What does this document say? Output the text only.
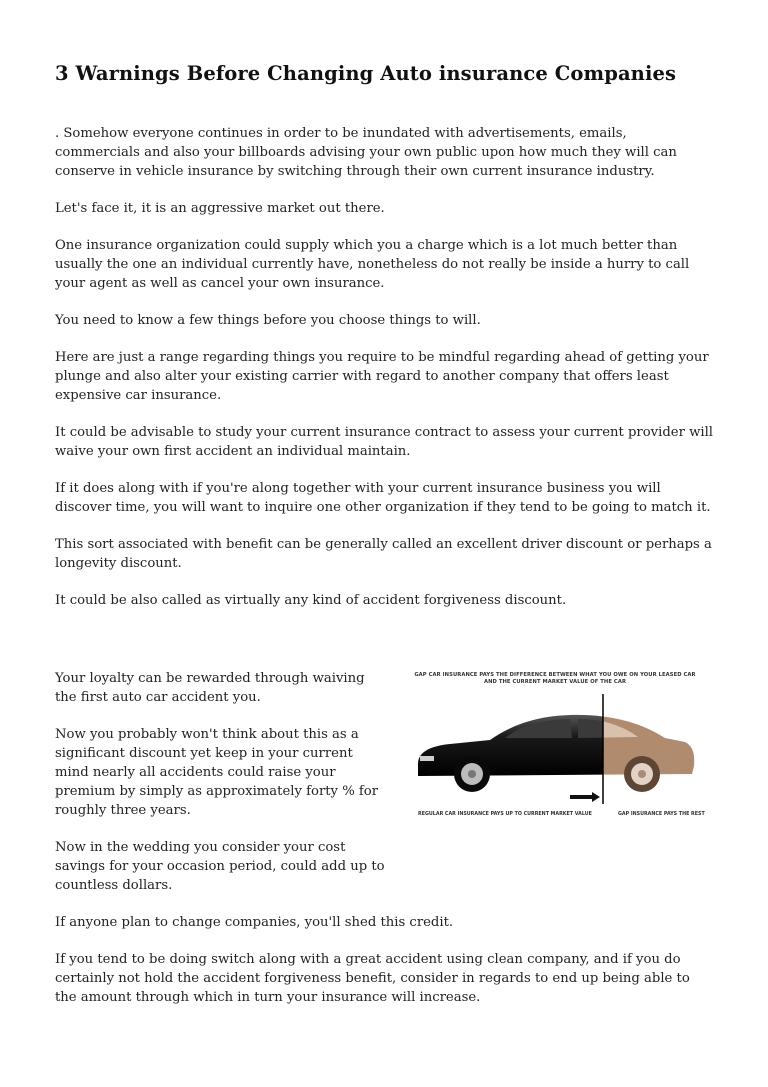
3 Warnings Before Changing Auto insurance Companies

. Somehow everyone continues in order to be inundated with advertisements, emails, commercials and also your billboards advising your own public upon how much they will can conserve in vehicle insurance by switching through their own current insurance industry.

Let's face it, it is an aggressive market out there.

One insurance organization could supply which you a charge which is a lot much better than usually the one an individual currently have, nonetheless do not really be inside a hurry to call your agent as well as cancel your own insurance.

You need to know a few things before you choose things to will.

Here are just a range regarding things you require to be mindful regarding ahead of getting your plunge and also alter your existing carrier with regard to another company that offers least expensive car insurance.

It could be advisable to study your current insurance contract to assess your current provider will waive your own first accident an individual maintain.

If it does along with if you're along together with your current insurance business you will discover time, you will want to inquire one other organization if they tend to be going to match it.

This sort associated with benefit can be generally called an excellent driver discount or perhaps a longevity discount.

It could be also called as virtually any kind of accident forgiveness discount.

Your loyalty can be rewarded through waiving the first auto car accident you.

Now you probably won't think about this as a significant discount yet keep in your current mind nearly all accidents could raise your premium by simply as approximately forty % for roughly three years.

Now in the wedding you consider your cost savings for your occasion period, could add up to countless dollars.

If anyone plan to change companies, you'll shed this credit.

If you tend to be doing switch along with a great accident using clean company, and if you do certainly not hold the accident forgiveness benefit, consider in regards to end up being able to the amount through which in turn your insurance will increase.

GAP CAR INSURANCE PAYS THE DIFFERENCE BETWEEN WHAT YOU OWE ON YOUR LEASED CAR AND THE CURRENT MARKET VALUE OF THE CAR
REGULAR CAR INSURANCE PAYS UP TO CURRENT MARKET VALUE	GAP INSURANCE PAYS THE REST
